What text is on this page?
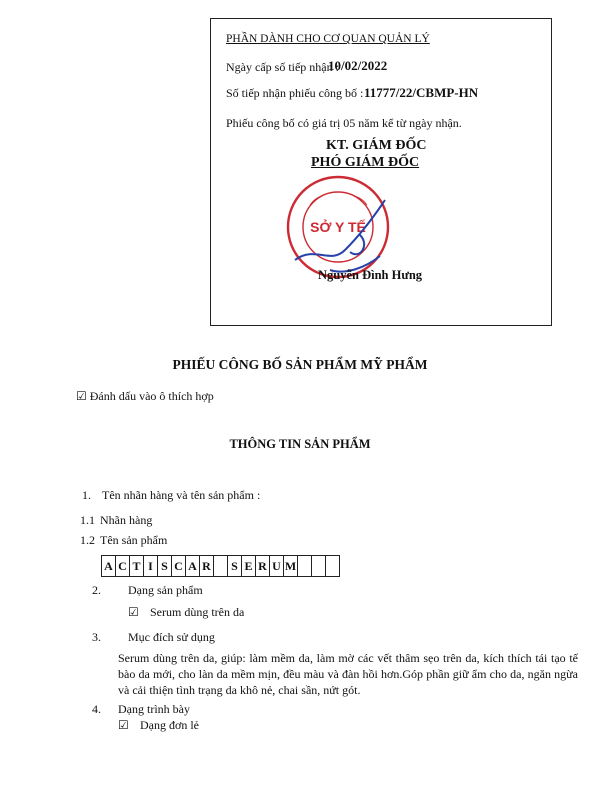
PHẦN DÀNH CHO CƠ QUAN QUẢN LÝ
Ngày cấp số tiếp nhận :
10/02/2022
Số tiếp nhận phiếu công bố : 11777/22/CBMP-HN
Phiếu công bố có giá trị 05 năm kể từ ngày nhận.
KT. GIÁM ĐỐC
PHÓ GIÁM ĐỐC
SỞ Y TẾ
Nguyễn Đình Hưng
PHIẾU CÔNG BỐ SẢN PHẨM MỸ PHẨM
☑ Đánh dấu vào ô thích hợp
THÔNG TIN SẢN PHẨM
1. Tên nhãn hàng và tên sản phẩm :
1.1 Nhãn hàng
1.2 Tên sản phẩm
A C T I S C A R S E R U M
2. Dạng sản phẩm
☑ Serum dùng trên da
3. Mục đích sử dụng
Serum dùng trên da, giúp: làm mềm da, làm mờ các vết thâm sẹo trên da, kích thích tái tạo tế bào da mới, cho làn da mềm mịn, đều màu và đàn hồi hơn.Góp phần giữ ẩm cho da, ngăn ngừa và cải thiện tình trạng da khô nẻ, chai sần, nứt gót.
4. Dạng trình bày
☑ Dạng đơn lẻ
